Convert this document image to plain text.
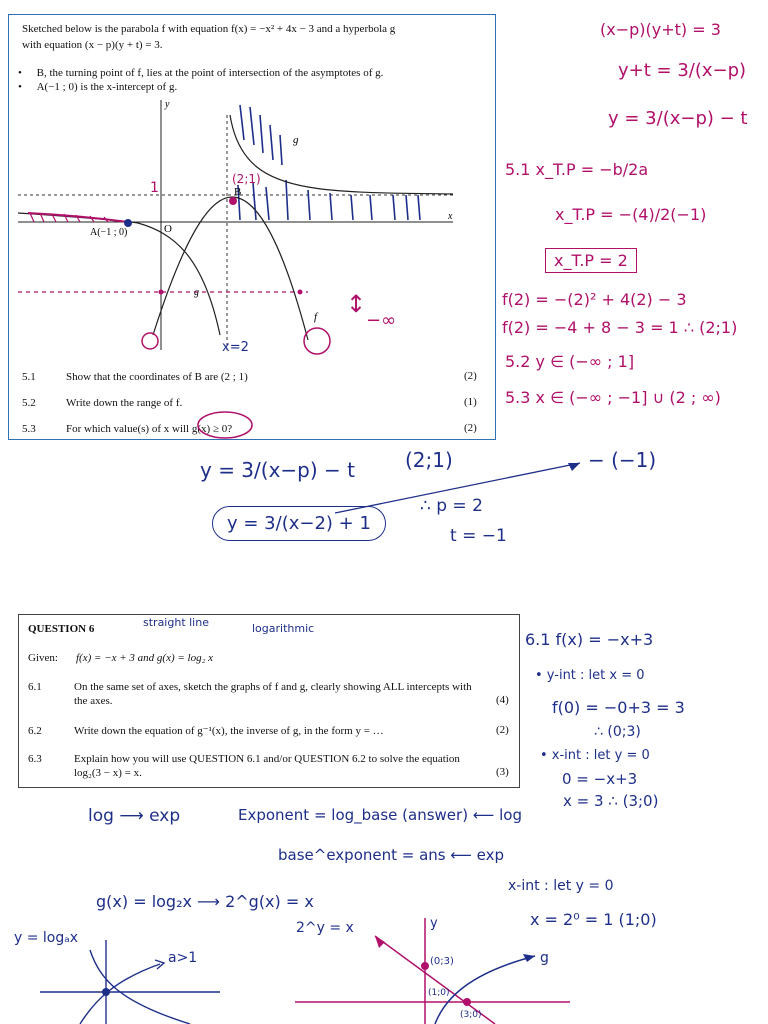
Sketched below is the parabola f with equation f(x) = −x² + 4x − 3 and a hyperbola g
with equation (x − p)(y + t) = 3.
• B, the turning point of f, lies at the point of intersection of the asymptotes of g.
• A(−1 ; 0) is the x-intercept of g.
g
f
B
A(−1 ; 0)	O
x
y
g
(2;1)
1
x=2
−∞
↕
5.1	Show that the coordinates of B are (2 ; 1)	(2)
5.2	Write down the range of f.	(1)
5.3	For which value(s) of x will g(x) ≥ 0?	(2)
(x−p)(y+t) = 3
y+t = 3/(x−p)
y = 3/(x−p) − t
5.1 x_T.P = −b/2a
x_T.P = −(4)/2(−1)
x_T.P = 2
f(2) = −(2)² + 4(2) − 3
f(2) = −4 + 8 − 3 = 1 ∴ (2;1)
5.2 y ∈ (−∞ ; 1]
5.3 x ∈ (−∞ ; −1] ∪ (2 ; ∞)
y = 3/(x−p) − t	(2;1)	− (−1)
y = 3/(x−2) + 1
∴ p = 2
t = −1
QUESTION 6	straight line	logarithmic
Given: f(x) = −x + 3 and g(x) = log₂ x
6.1	On the same set of axes, sketch the graphs of f and g, clearly showing ALL intercepts with the axes.	(4)
6.2	Write down the equation of g⁻¹(x), the inverse of g, in the form y = …	(2)
6.3	Explain how you will use QUESTION 6.1 and/or QUESTION 6.2 to solve the equation log₂(3 − x) = x.	(3)
6.1 f(x) = −x+3
• y-int : let x = 0
f(0) = −0+3 = 3
∴ (0;3)
• x-int : let y = 0
0 = −x+3
x = 3 ∴ (3;0)
log ⟶ exp	Exponent = log_base (answer) ⟵ log
base^exponent = ans ⟵ exp
g(x) = log₂x ⟶ 2^g(x) = x
2^y = x
x-int : let y = 0
x = 2⁰ = 1 (1;0)
y = logₐx
a>1
y
g
(0;3)
(1;0)
(3;0)
